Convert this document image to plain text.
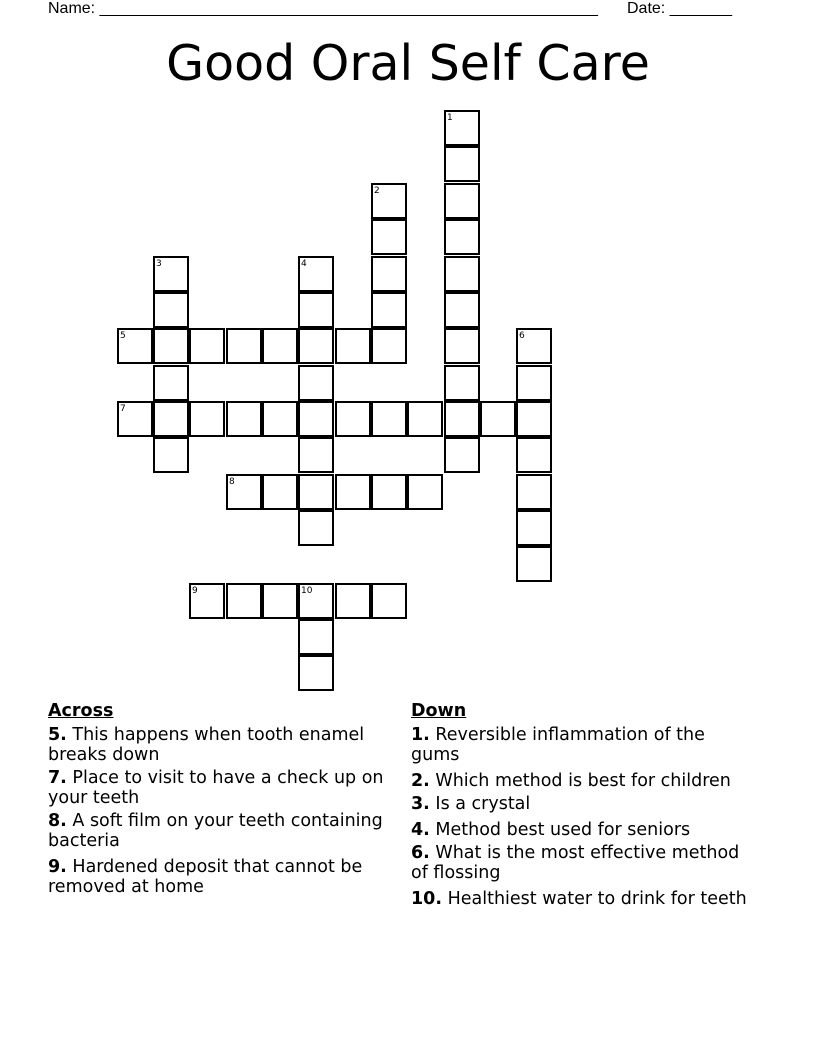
Name: ________________________________________________________ Date: _______
Good Oral Self Care
1
2
3	4
5	6
7
8
9	10
Across
5. This happens when tooth enamel breaks down
7. Place to visit to have a check up on your teeth
8. A soft film on your teeth containing bacteria
9. Hardened deposit that cannot be removed at home
Down
1. Reversible inflammation of the gums
2. Which method is best for children
3. Is a crystal
4. Method best used for seniors
6. What is the most effective method of flossing
10. Healthiest water to drink for teeth
